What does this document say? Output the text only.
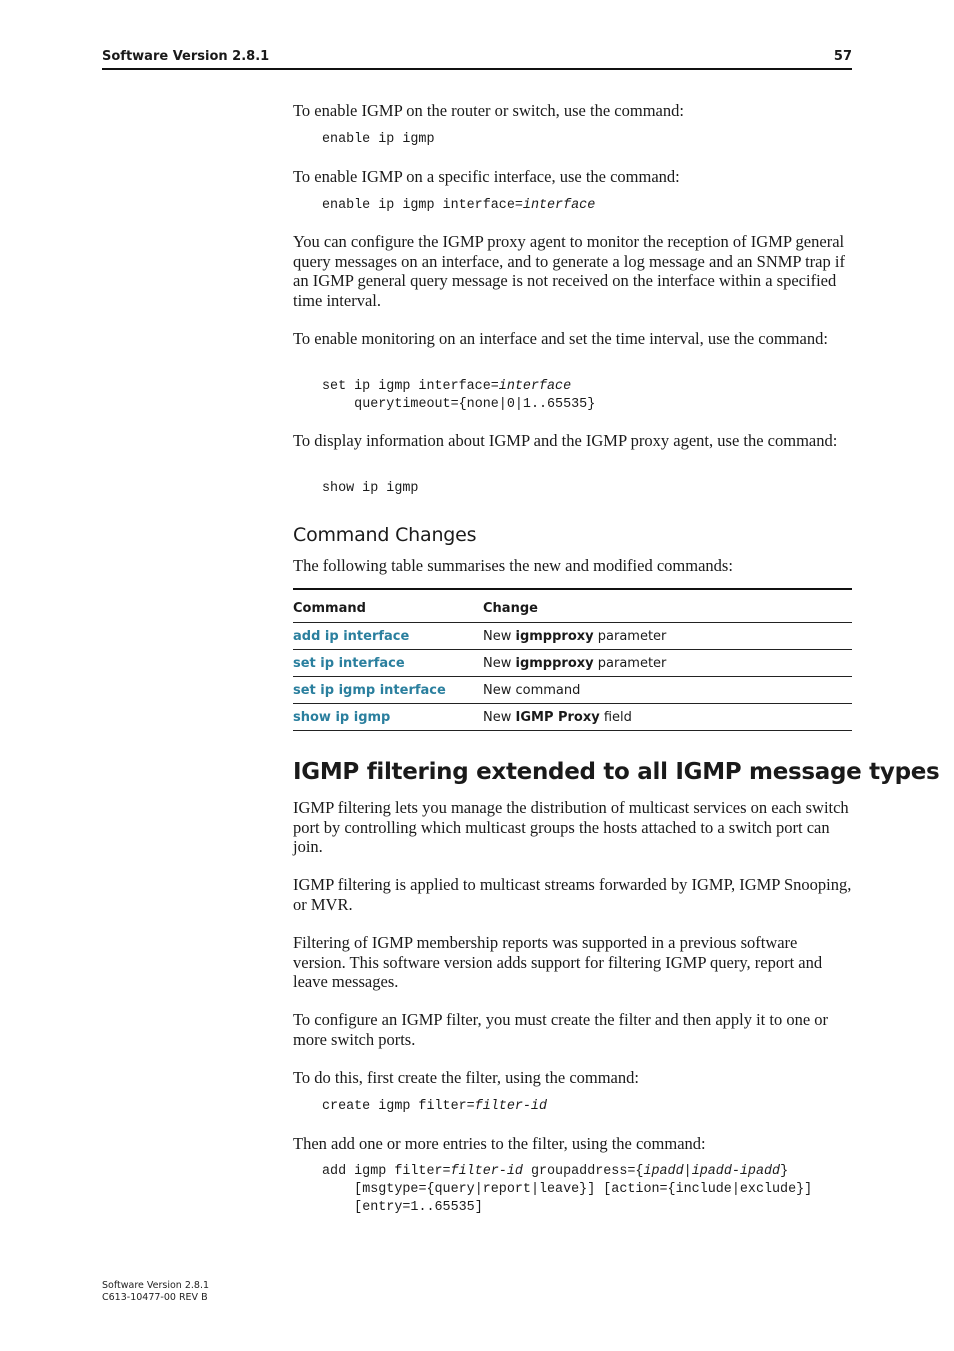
Software Version 2.8.1	57

To enable IGMP on the router or switch, use the command:

enable ip igmp

To enable IGMP on a specific interface, use the command:

enable ip igmp interface=interface

You can configure the IGMP proxy agent to monitor the reception of IGMP general query messages on an interface, and to generate a log message and an SNMP trap if an IGMP general query message is not received on the interface within a specified time interval.

To enable monitoring on an interface and set the time interval, use the command:

set ip igmp interface=interface
querytimeout={none|0|1..65535}

To display information about IGMP and the IGMP proxy agent, use the command:

show ip igmp
Command Changes

The following table summarises the new and modified commands:

Command	Change
add ip interface	New igmpproxy parameter
set ip interface	New igmpproxy parameter
set ip igmp interface	New command
show ip igmp	New IGMP Proxy field
IGMP filtering extended to all IGMP message types

IGMP filtering lets you manage the distribution of multicast services on each switch port by controlling which multicast groups the hosts attached to a switch port can join.

IGMP filtering is applied to multicast streams forwarded by IGMP, IGMP Snooping, or MVR.

Filtering of IGMP membership reports was supported in a previous software version. This software version adds support for filtering IGMP query, report and leave messages.

To configure an IGMP filter, you must create the filter and then apply it to one or more switch ports.

To do this, first create the filter, using the command:

create igmp filter=filter-id

Then add one or more entries to the filter, using the command:

add igmp filter=filter-id groupaddress={ipadd|ipadd-ipadd}
[msgtype={query|report|leave}] [action={include|exclude}]
[entry=1..65535]
Software Version 2.8.1
C613-10477-00 REV B
